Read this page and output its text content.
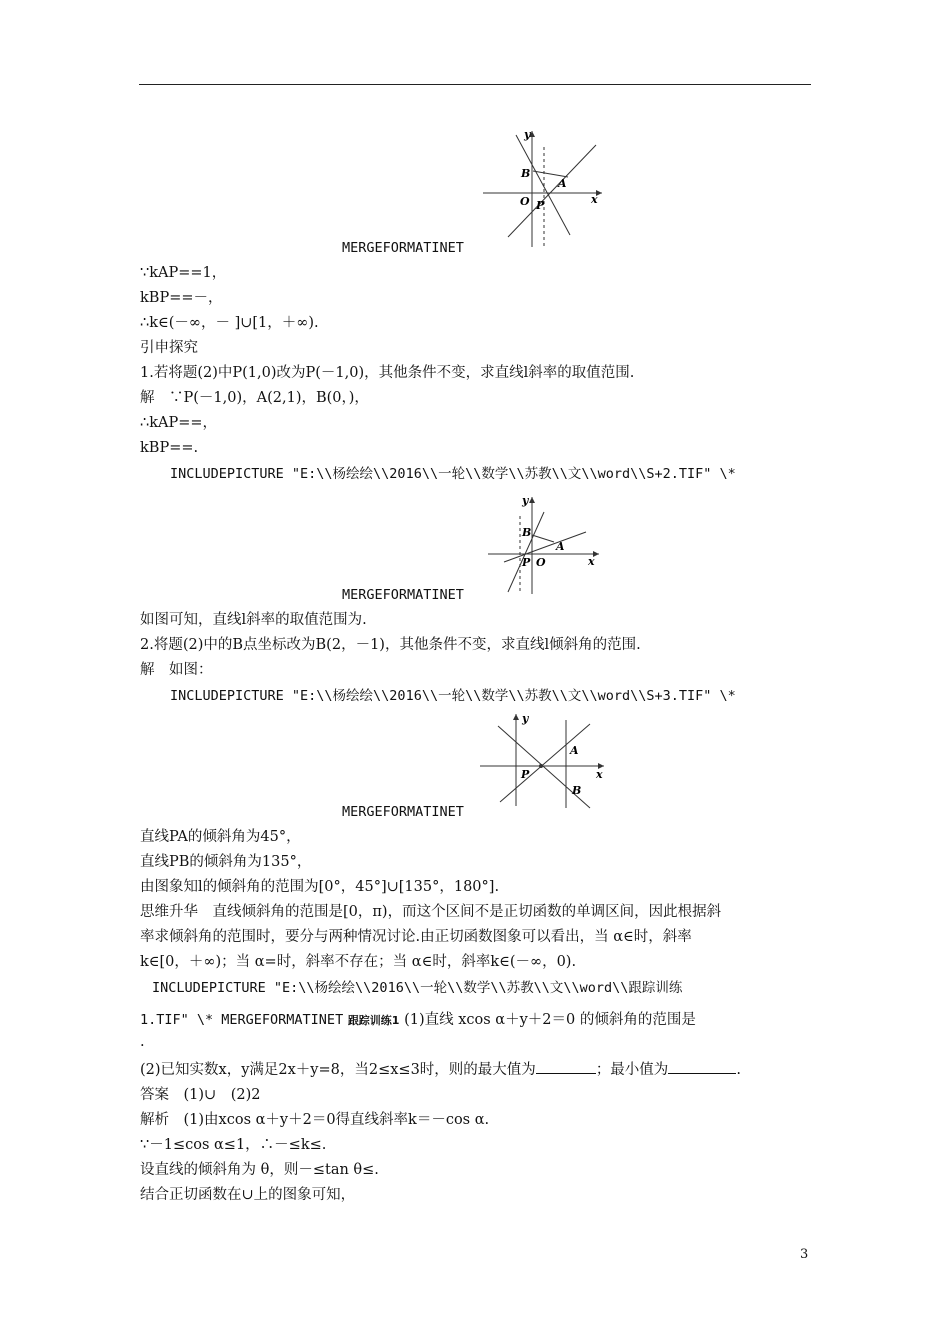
y
x
B
A
O P
MERGEFORMATINET
∵kAP==1，
kBP==－，
∴k∈(－∞，－ ]∪[1，＋∞).
引申探究
1.若将题(2)中P(1,0)改为P(－1,0)，其他条件不变，求直线l斜率的取值范围.
解　∵P(－1,0)，A(2,1)，B(0，)，
∴kAP==，
kBP==.
INCLUDEPICTURE "E:\\杨绘绘\\2016\\一轮\\数学\\苏教\\文\\word\\S+2.TIF" \*
y
x
B
A
O
P
MERGEFORMATINET
如图可知，直线l斜率的取值范围为.
2.将题(2)中的B点坐标改为B(2，－1)，其他条件不变，求直线l倾斜角的范围.
解　如图：
INCLUDEPICTURE "E:\\杨绘绘\\2016\\一轮\\数学\\苏教\\文\\word\\S+3.TIF" \*
y
x
A
B
P
MERGEFORMATINET
直线PA的倾斜角为45°，
直线PB的倾斜角为135°，
由图象知l的倾斜角的范围为[0°，45°]∪[135°，180°].
思维升华　直线倾斜角的范围是[0，π)，而这个区间不是正切函数的单调区间，因此根据斜
率求倾斜角的范围时，要分与两种情况讨论.由正切函数图象可以看出，当 α∈时，斜率
k∈[0，＋∞)；当 α=时，斜率不存在；当 α∈时，斜率k∈(－∞，0).
INCLUDEPICTURE "E:\\杨绘绘\\2016\\一轮\\数学\\苏教\\文\\word\\跟踪训练
1.TIF" \* MERGEFORMATINET 跟踪训练1 (1)直线 xcos α＋y＋2＝0 的倾斜角的范围是
.
(2)已知实数x，y满足2x＋y=8，当2≤x≤3时，则的最大值为	；最小值为	.
答案　(1)∪　(2)2
解析　(1)由xcos α＋y＋2＝0得直线斜率k＝－cos α.
∵－1≤cos α≤1，∴－≤k≤.
设直线的倾斜角为 θ，则－≤tan θ≤.
结合正切函数在∪上的图象可知，
3
